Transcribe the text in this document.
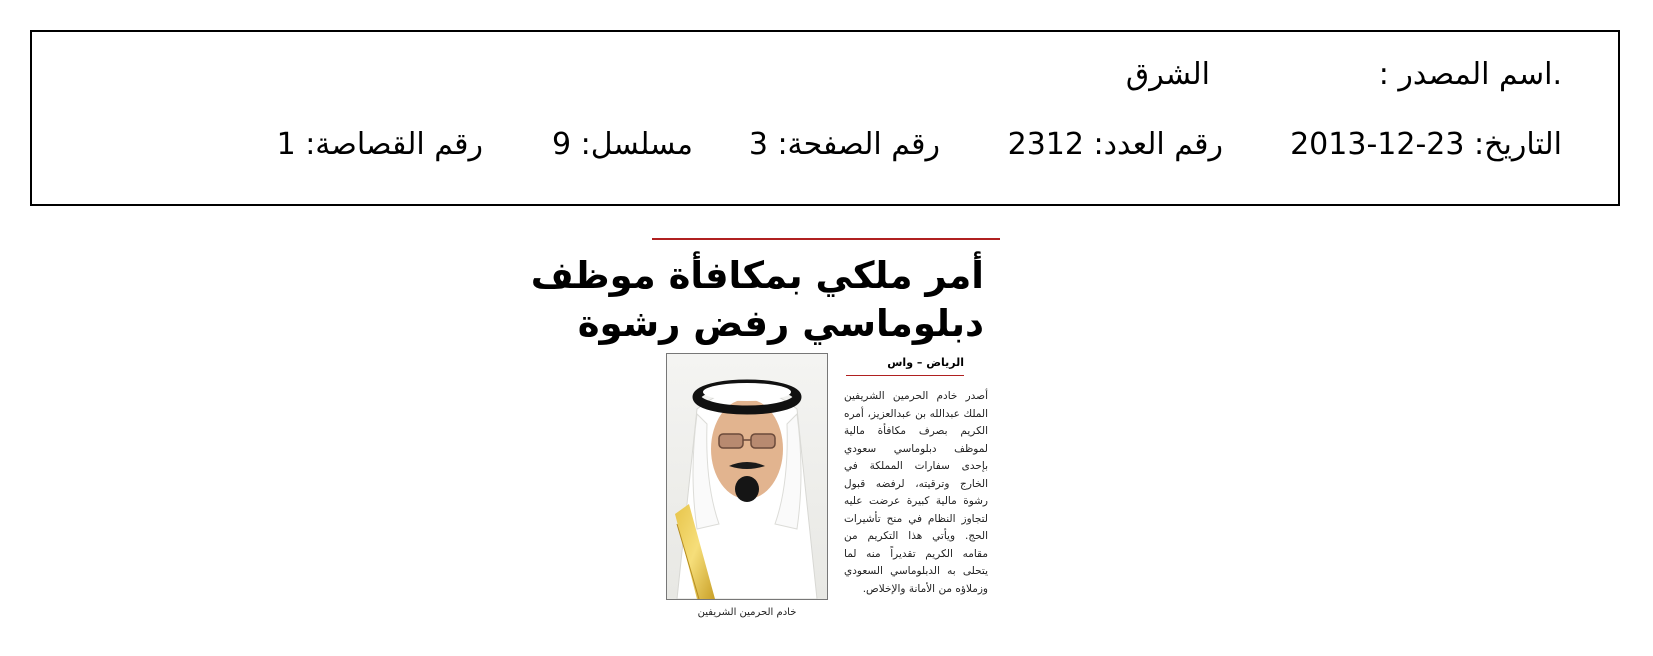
.اسم المصدر :
الشرق
التاريخ: 23-12-2013
رقم العدد: 2312
رقم الصفحة: 3
مسلسل: 9
رقم القصاصة: 1
أمر ملكي بمكافأة موظف
دبلوماسي رفض رشوة
الرياض – واس
أصدر خادم الحرمين الشريفين الملك عبدالله بن عبدالعزيز، أمره الكريم بصرف مكافأة مالية لموظف دبلوماسي سعودي بإحدى سفارات المملكة في الخارج وترقيته، لرفضه قبول رشوة مالية كبيرة عرضت عليه لتجاوز النظام في منح تأشيرات الحج. ويأتي هذا التكريم من مقامه الكريم تقديراً منه لما يتحلى به الدبلوماسي السعودي وزملاؤه من الأمانة والإخلاص.
خادم الحرمين الشريفين
